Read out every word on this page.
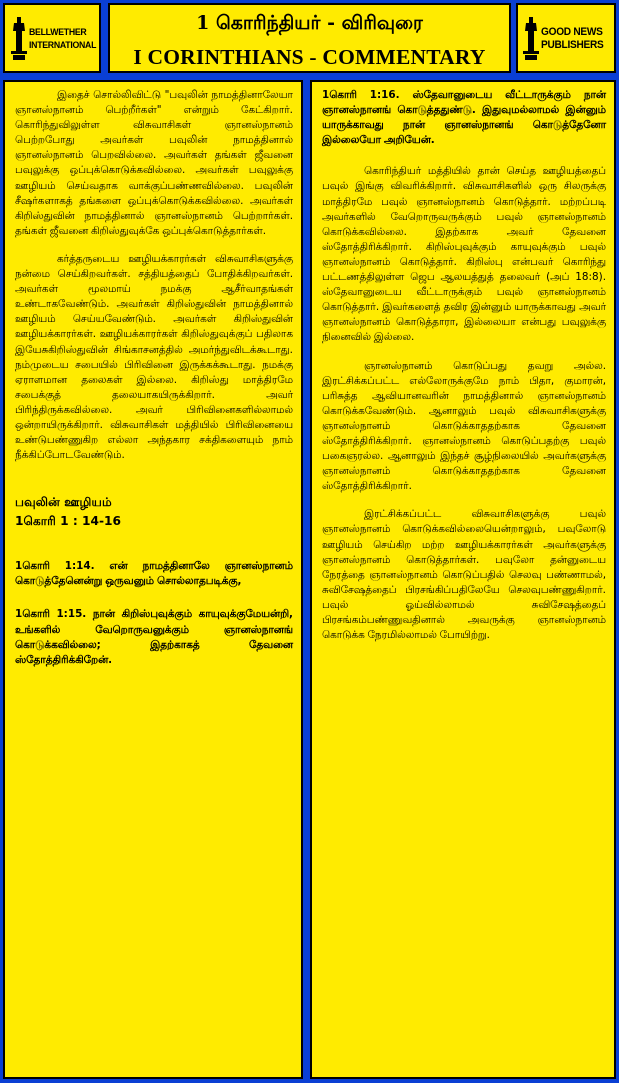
BELLWETHER
INTERNATIONAL
1 கொரிந்தியர் - விரிவுரை
I CORINTHIANS - COMMENTARY
GOOD NEWS
PUBLISHERS

இதைச் சொல்லிவிட்டு "பவுலின் நாமத்தினாலேயா ஞானஸ்நானம் பெற்றீர்கள்" என்றும் கேட்கிறார். கொரிந்துவிலுள்ள விசுவாசிகள் ஞானஸ்நானம் பெற்றபோது அவர்கள் பவுலின் நாமத்தினால் ஞானஸ்நானம் பெறவில்லை. அவர்கள் தங்கள் ஜீவனை பவுலுக்கு ஒப்புக்கொடுக்கவில்லை. அவர்கள் பவுலுக்கு ஊழியம் செய்வதாக வாக்குப்பண்ணவில்லை. பவுலின் சீஷர்களாகத் தங்களை ஒப்புக்கொடுக்கவில்லை. அவர்கள் கிறிஸ்துவின் நாமத்தினால் ஞானஸ்நானம் பெற்றார்கள். தங்கள் ஜீவனை கிறிஸ்துவுக்கே ஒப்புக்கொடுத்தார்கள்.

கர்த்தருடைய ஊழியக்காரர்கள் விசுவாசிகளுக்கு நன்மை செய்கிறவர்கள். சத்தியத்தைப் போதிக்கிறவர்கள். அவர்கள் மூலமாய் நமக்கு ஆசீர்வாதங்கள் உண்டாகவேண்டும். அவர்கள் கிறிஸ்துவின் நாமத்தினால் ஊழியம் செய்யவேண்டும். அவர்கள் கிறிஸ்துவின் ஊழியக்காரர்கள். ஊழியக்காரர்கள் கிறிஸ்துவுக்குப் பதிலாக இயேசுகிறிஸ்துவின் சிங்காசனத்தில் அமர்ந்துவிடக்கூடாது. நம்முடைய சபையில் பிரிவினை இருக்கக்கூடாது. நமக்கு ஏராளமான தலைகள் இல்லை. கிறிஸ்து மாத்திரமே சபைக்குத் தலையாகயிருக்கிறார். அவர் பிரிந்திருக்கவில்லை. அவர் பிரிவினைகளில்லாமல் ஒன்றாயிருக்கிறார். விசுவாசிகள் மத்தியில் பிரிவினையை உண்டுபண்ணுகிற எல்லா அந்தகார சக்திகளையும் நாம் நீக்கிப்போடவேண்டும்.

பவுலின் ஊழியம்
1கொரி 1 : 14-16

1கொரி 1:14. என் நாமத்தினாலே ஞானஸ்நானம் கொடுத்தேனென்று ஒருவனும் சொல்லாதபடிக்கு,

1கொரி 1:15. நான் கிறிஸ்புவுக்கும் காயுவுக்குமேயன்றி, உங்களில் வேறொருவனுக்கும் ஞானஸ்நானங் கொடுக்கவில்லை; இதற்காகத் தேவனை ஸ்தோத்திரிக்கிறேன்.

1கொரி 1:16. ஸ்தேவானுடைய வீட்டாருக்கும் நான் ஞானஸ்நானங் கொடுத்ததுண்டு. இதுவுமல்லாமல் இன்னும் யாருக்காவது நான் ஞானஸ்நானங் கொடுத்தேனோ இல்லையோ அறியேன்.

கொரிந்தியர் மத்தியில் தான் செய்த ஊழியத்தைப் பவுல் இங்கு விவரிக்கிறார். விசுவாசிகளில் ஒரு சிலருக்கு மாத்திரமே பவுல் ஞானஸ்நானம் கொடுத்தார். மற்றப்படி அவர்களில் வேறொருவருக்கும் பவுல் ஞானஸ்நானம் கொடுக்கவில்லை. இதற்காக அவர் தேவனை ஸ்தோத்திரிக்கிறார். கிறிஸ்புவுக்கும் காயுவுக்கும் பவுல் ஞானஸ்நானம் கொடுத்தார். கிறிஸ்பு என்பவர் கொரிந்து பட்டணத்திலுள்ள ஜெப ஆலயத்துத் தலைவர் (அப் 18:8). ஸ்தேவானுடைய வீட்டாருக்கும் பவுல் ஞானஸ்நானம் கொடுத்தார். இவர்களைத் தவிர இன்னும் யாருக்காவது அவர் ஞானஸ்நானம் கொடுத்தாரா, இல்லையா என்பது பவுலுக்கு நினைவில் இல்லை.

ஞானஸ்நானம் கொடுப்பது தவறு அல்ல. இரட்சிக்கப்பட்ட எல்லோருக்குமே நாம் பிதா, குமாரன், பரிசுத்த ஆவியானவரின் நாமத்தினால் ஞானஸ்நானம் கொடுக்கவேண்டும். ஆனாலும் பவுல் விசுவாசிகளுக்கு ஞானஸ்நானம் கொடுக்காததற்காக தேவனை ஸ்தோத்திரிக்கிறார். ஞானஸ்நானம் கொடுப்பதற்கு பவுல் பகைஞரல்ல. ஆனாலும் இந்தச் சூழ்நிலையில் அவர்களுக்கு ஞானஸ்நானம் கொடுக்காததற்காக தேவனை ஸ்தோத்திரிக்கிறார்.

இரட்சிக்கப்பட்ட விசுவாசிகளுக்கு பவுல் ஞானஸ்நானம் கொடுக்கவில்லையென்றாலும், பவுலோடு ஊழியம் செய்கிற மற்ற ஊழியக்காரர்கள் அவர்களுக்கு ஞானஸ்நானம் கொடுத்தார்கள். பவுலோ தன்னுடைய நேரத்தை ஞானஸ்நானம் கொடுப்பதில் செலவு பண்ணாமல், சுவிசேஷத்தைப் பிரசங்கிப்பதிலேயே செலவுபண்ணுகிறார். பவுல் ஓய்வில்லாமல் சுவிசேஷத்தைப் பிரசங்கம்பண்ணுவதினால் அவருக்கு ஞானஸ்நானம் கொடுக்க நேரமில்லாமல் போயிற்று.
